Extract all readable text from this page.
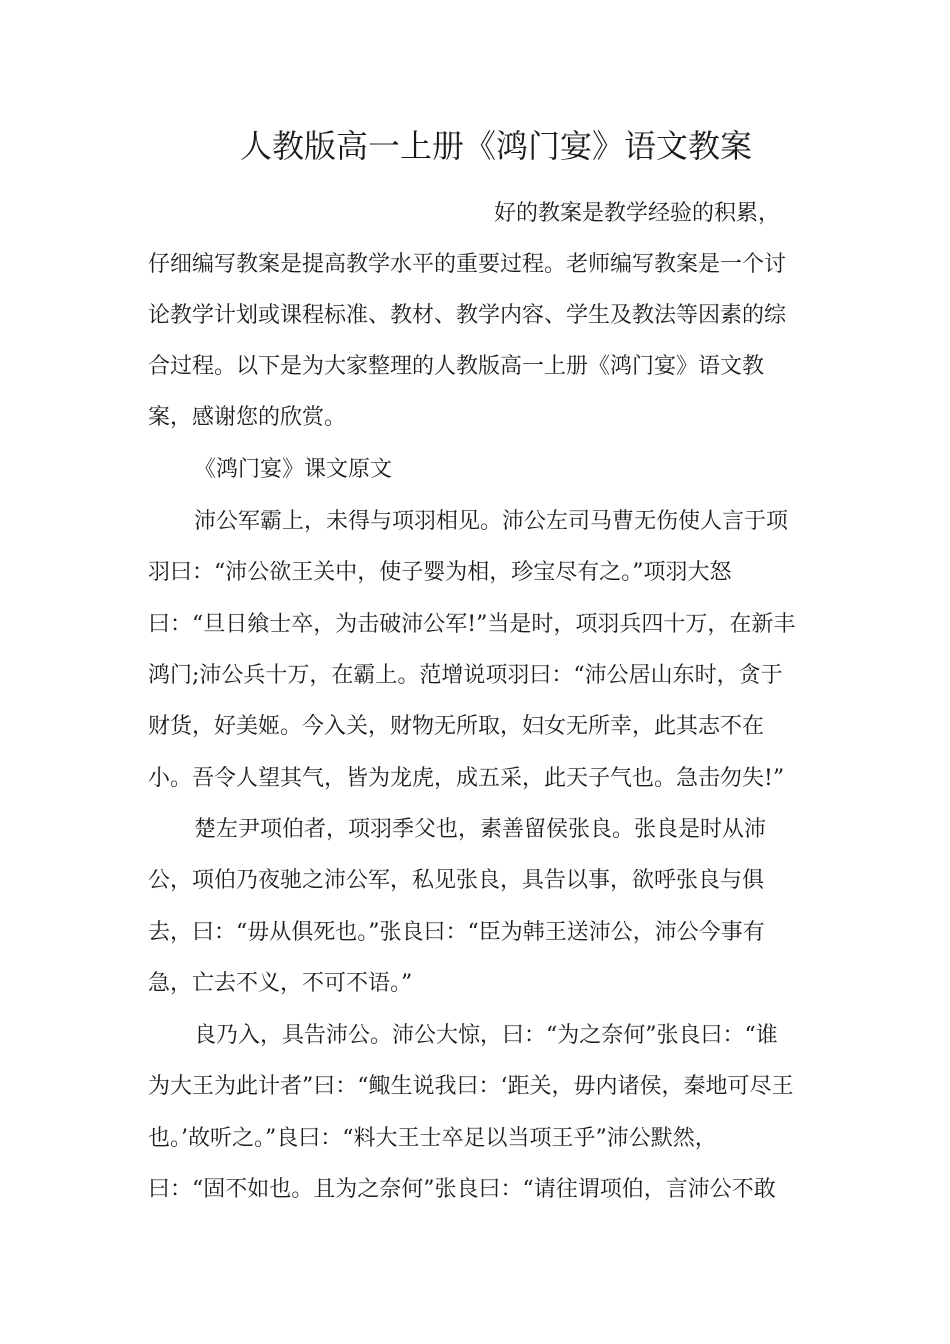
人教版高一上册《鸿门宴》语文教案
好的教案是教学经验的积累，
仔细编写教案是提高教学水平的重要过程。老师编写教案是一个讨
论教学计划或课程标准、教材、教学内容、学生及教法等因素的综
合过程。以下是为大家整理的人教版高一上册《鸿门宴》语文教
案，感谢您的欣赏。
《鸿门宴》课文原文
沛公军霸上，未得与项羽相见。沛公左司马曹无伤使人言于项
羽曰：“沛公欲王关中，使子婴为相，珍宝尽有之。”项羽大怒
曰：“旦日飨士卒，为击破沛公军!”当是时，项羽兵四十万，在新丰
鸿门;沛公兵十万，在霸上。范增说项羽曰：“沛公居山东时，贪于
财货，好美姬。今入关，财物无所取，妇女无所幸，此其志不在
小。吾令人望其气，皆为龙虎，成五采，此天子气也。急击勿失!”
楚左尹项伯者，项羽季父也，素善留侯张良。张良是时从沛
公，项伯乃夜驰之沛公军，私见张良，具告以事，欲呼张良与俱
去，曰：“毋从俱死也。”张良曰：“臣为韩王送沛公，沛公今事有
急，亡去不义，不可不语。”
良乃入，具告沛公。沛公大惊，曰：“为之奈何”张良曰：“谁
为大王为此计者”曰：“鲰生说我曰：‘距关，毋内诸侯，秦地可尽王
也。’故听之。”良曰：“料大王士卒足以当项王乎”沛公默然，
曰：“固不如也。且为之奈何”张良曰：“请往谓项伯，言沛公不敢
